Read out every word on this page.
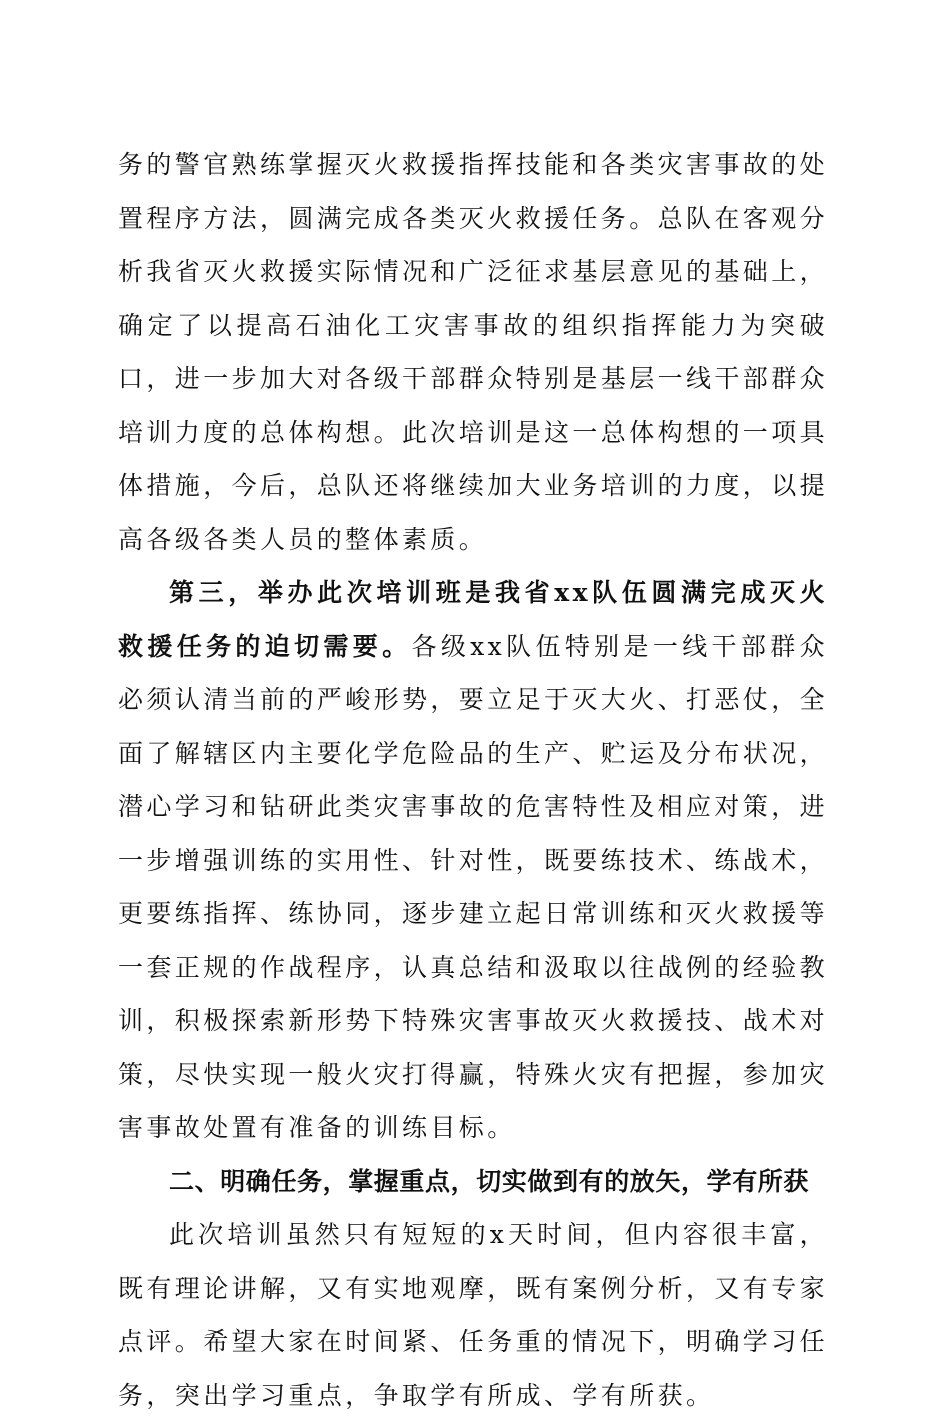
务的警官熟练掌握灭火救援指挥技能和各类灾害事故的处置程序方法，圆满完成各类灭火救援任务。总队在客观分析我省灭火救援实际情况和广泛征求基层意见的基础上，确定了以提高石油化工灾害事故的组织指挥能力为突破口，进一步加大对各级干部群众特别是基层一线干部群众培训力度的总体构想。此次培训是这一总体构想的一项具体措施，今后，总队还将继续加大业务培训的力度，以提高各级各类人员的整体素质。

第三，举办此次培训班是我省xx队伍圆满完成灭火救援任务的迫切需要。各级xx队伍特别是一线干部群众必须认清当前的严峻形势，要立足于灭大火、打恶仗，全面了解辖区内主要化学危险品的生产、贮运及分布状况，潜心学习和钻研此类灾害事故的危害特性及相应对策，进一步增强训练的实用性、针对性，既要练技术、练战术，更要练指挥、练协同，逐步建立起日常训练和灭火救援等一套正规的作战程序，认真总结和汲取以往战例的经验教训，积极探索新形势下特殊灾害事故灭火救援技、战术对策，尽快实现一般火灾打得赢，特殊火灾有把握，参加灾害事故处置有准备的训练目标。

二、明确任务，掌握重点，切实做到有的放矢，学有所获

此次培训虽然只有短短的x天时间，但内容很丰富，既有理论讲解，又有实地观摩，既有案例分析，又有专家点评。希望大家在时间紧、任务重的情况下，明确学习任务，突出学习重点，争取学有所成、学有所获。
